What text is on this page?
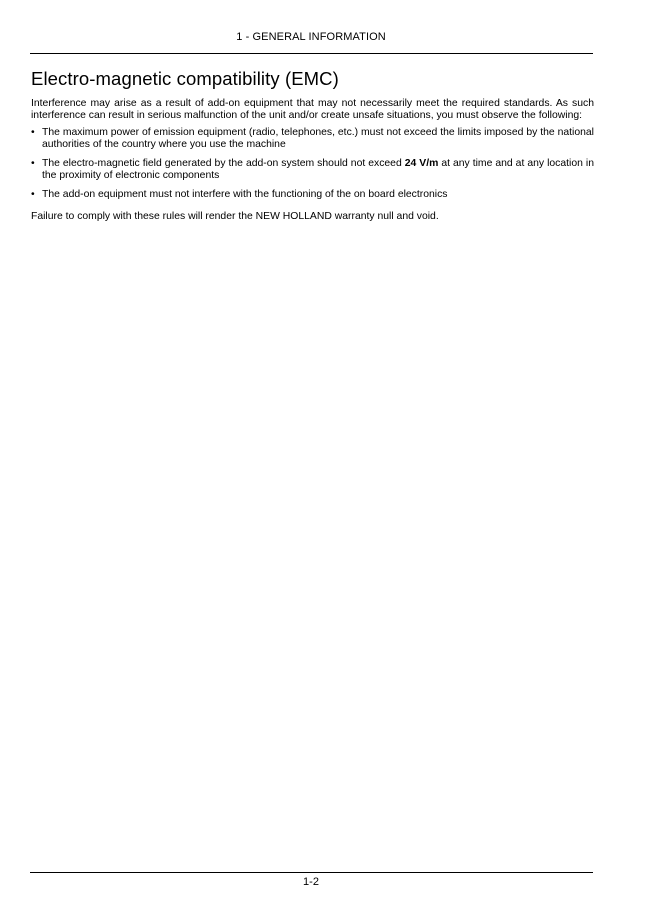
1 - GENERAL INFORMATION
Electro-magnetic compatibility (EMC)

Interference may arise as a result of add-on equipment that may not necessarily meet the required standards. As such interference can result in serious malfunction of the unit and/or create unsafe situations, you must observe the following:

• The maximum power of emission equipment (radio, telephones, etc.) must not exceed the limits imposed by the national authorities of the country where you use the machine
• The electro-magnetic field generated by the add-on system should not exceed 24 V/m at any time and at any location in the proximity of electronic components
• The add-on equipment must not interfere with the functioning of the on board electronics

Failure to comply with these rules will render the NEW HOLLAND warranty null and void.

1-2
